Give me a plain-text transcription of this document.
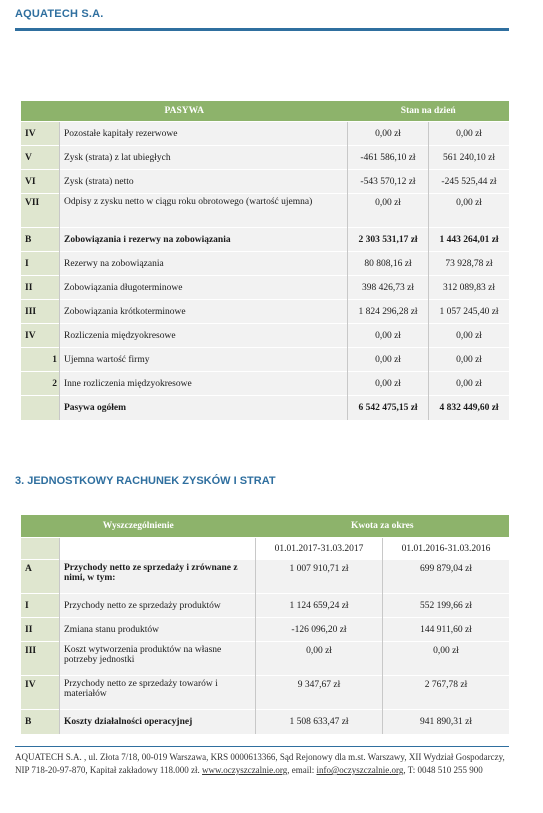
AQUATECH S.A.
PASYWA		Stan na dzień	
IV	Pozostałe kapitały rezerwowe	0,00 zł	0,00 zł
V	Zysk (strata) z lat ubiegłych	-461 586,10 zł	561 240,10 zł
VI	Zysk (strata) netto	-543 570,12 zł	-245 525,44 zł
VII	Odpisy z zysku netto w ciągu roku obrotowego (wartość ujemna)	0,00 zł	0,00 zł
B	Zobowiązania i rezerwy na zobowiązania	2 303 531,17 zł	1 443 264,01 zł
I	Rezerwy na zobowiązania	80 808,16 zł	73 928,78 zł
II	Zobowiązania długoterminowe	398 426,73 zł	312 089,83 zł
III	Zobowiązania krótkoterminowe	1 824 296,28 zł	1 057 245,40 zł
IV	Rozliczenia międzyokresowe	0,00 zł	0,00 zł
1	Ujemna wartość firmy	0,00 zł	0,00 zł
2	Inne rozliczenia międzyokresowe	0,00 zł	0,00 zł
	Pasywa ogółem	6 542 475,15 zł	4 832 449,60 zł
3. JEDNOSTKOWY RACHUNEK ZYSKÓW I STRAT
Wyszczególnienie		Kwota za okres	
		01.01.2017-31.03.2017	01.01.2016-31.03.2016
A	Przychody netto ze sprzedaży i zrównane z nimi, w tym:	1 007 910,71 zł	699 879,04 zł
I	Przychody netto ze sprzedaży produktów	1 124 659,24 zł	552 199,66 zł
II	Zmiana stanu produktów	-126 096,20 zł	144 911,60 zł
III	Koszt wytworzenia produktów na własne potrzeby jednostki	0,00 zł	0,00 zł
IV	Przychody netto ze sprzedaży towarów i materiałów	9 347,67 zł	2 767,78 zł
B	Koszty działalności operacyjnej	1 508 633,47 zł	941 890,31 zł
AQUATECH S.A. , ul. Złota 7/18, 00-019 Warszawa, KRS 0000613366, Sąd Rejonowy dla m.st. Warszawy, XII Wydział Gospodarczy, NIP 718-20-97-870, Kapitał zakładowy 118.000 zł. www.oczyszczalnie.org, email: info@oczyszczalnie.org, T: 0048 510 255 900
